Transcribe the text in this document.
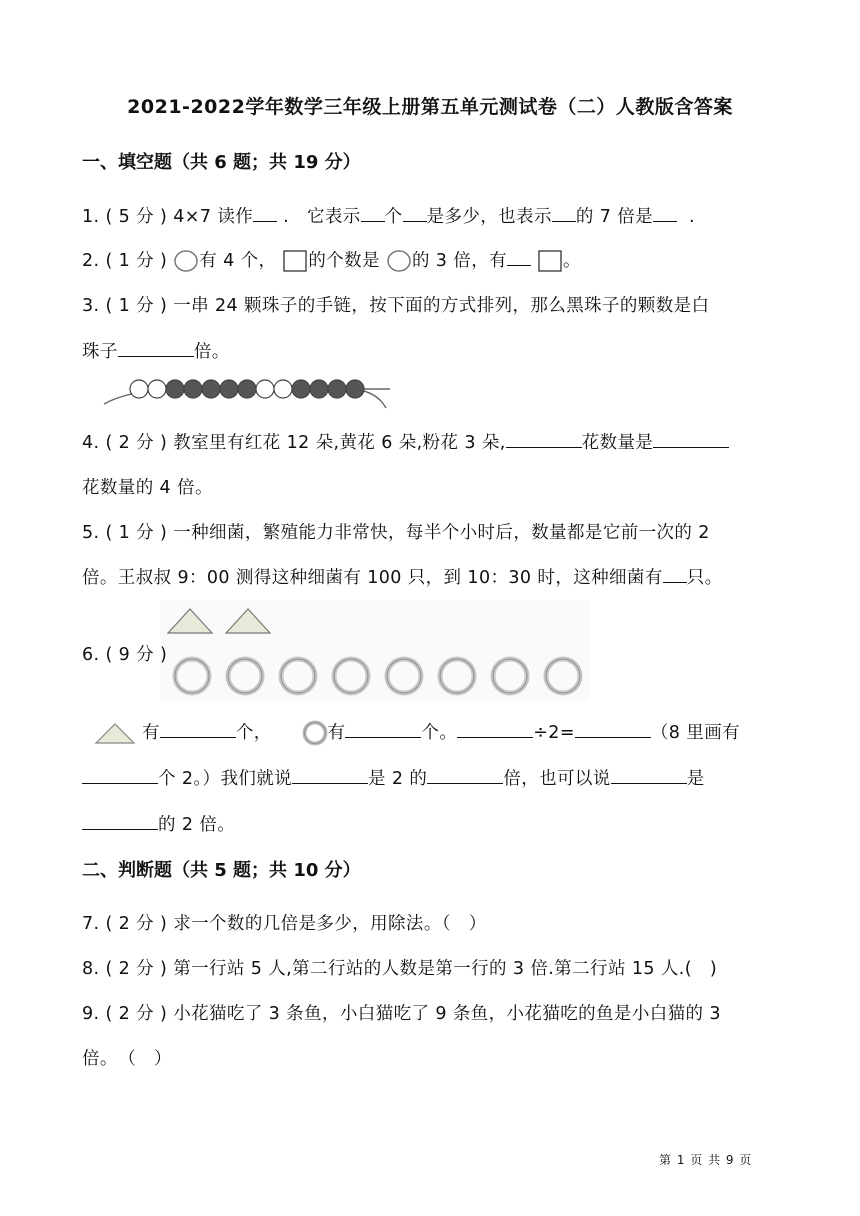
2021-2022学年数学三年级上册第五单元测试卷（二）人教版含答案
一、填空题（共 6 题；共 19 分）
1. ( 5 分 ) 4×7 读作 . 它表示 个 是多少，也表示 的 7 倍是 .
2. ( 1 分 ) 有 4 个， 的个数是 的 3 倍，有	。
3. ( 1 分 ) 一串 24 颗珠子的手链，按下面的方式排列，那么黑珠子的颗数是白
珠子	倍。
4. ( 2 分 ) 教室里有红花 12 朵,黄花 6 朵,粉花 3 朵,	花数量是
花数量的 4 倍。
5. ( 1 分 ) 一种细菌，繁殖能力非常快，每半个小时后，数量都是它前一次的 2
倍。王叔叔 9：00 测得这种细菌有 100 只，到 10：30 时，这种细菌有 只。
6. ( 9 分 )
有	个，	有	个。	÷2=	（8 里画有
个 2。）我们就说	是 2 的	倍，也可以说	是
的 2 倍。
二、判断题（共 5 题；共 10 分）
7. ( 2 分 ) 求一个数的几倍是多少，用除法。（　）
8. ( 2 分 ) 第一行站 5 人,第二行站的人数是第一行的 3 倍.第二行站 15 人.(　)
9. ( 2 分 ) 小花猫吃了 3 条鱼，小白猫吃了 9 条鱼，小花猫吃的鱼是小白猫的 3
倍。　（　）
第 1 页 共 9 页
